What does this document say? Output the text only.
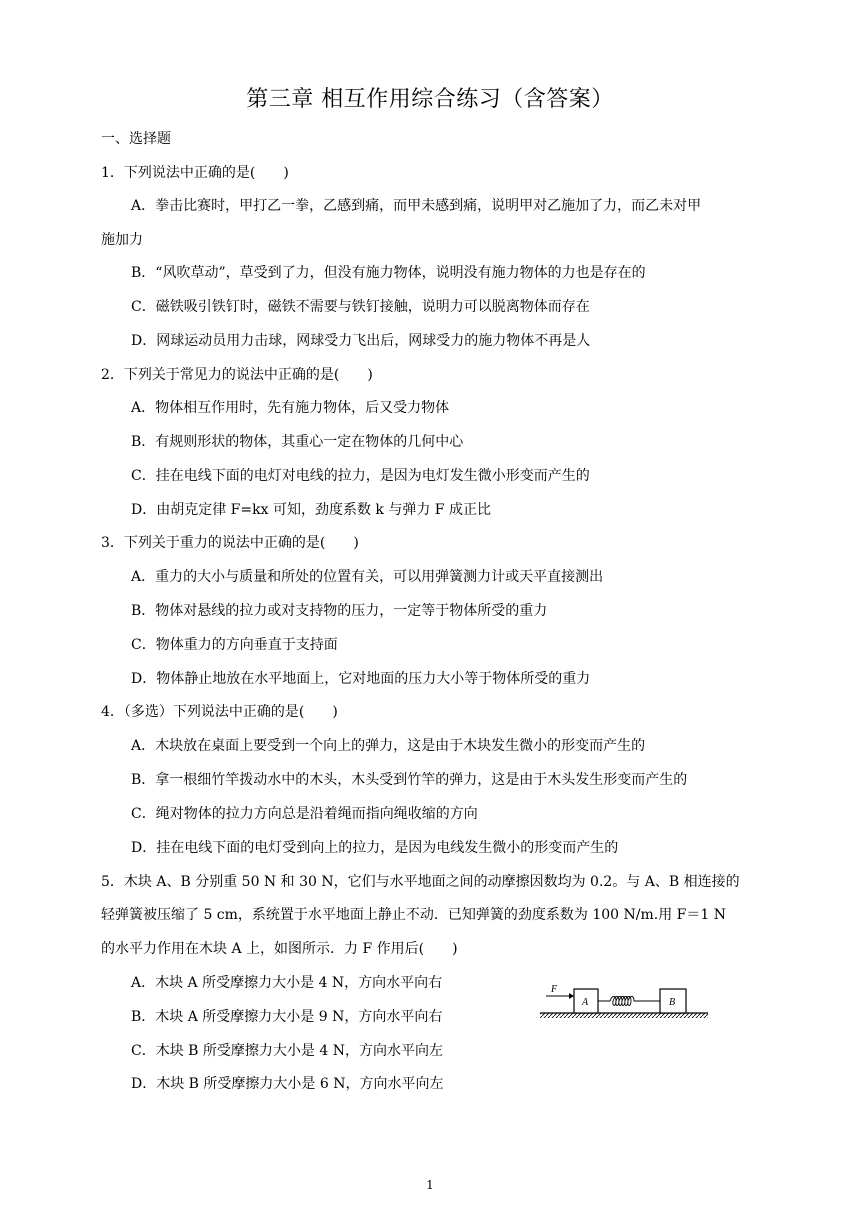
第三章 相互作用综合练习（含答案）
一、选择题
1．下列说法中正确的是(　　)
A．拳击比赛时，甲打乙一拳，乙感到痛，而甲未感到痛，说明甲对乙施加了力，而乙未对甲
施加力
B．“风吹草动”，草受到了力，但没有施力物体，说明没有施力物体的力也是存在的
C．磁铁吸引铁钉时，磁铁不需要与铁钉接触，说明力可以脱离物体而存在
D．网球运动员用力击球，网球受力飞出后，网球受力的施力物体不再是人
2．下列关于常见力的说法中正确的是(　　)
A．物体相互作用时，先有施力物体，后又受力物体
B．有规则形状的物体，其重心一定在物体的几何中心
C．挂在电线下面的电灯对电线的拉力，是因为电灯发生微小形变而产生的
D．由胡克定律 F=kx 可知，劲度系数 k 与弹力 F 成正比
3．下列关于重力的说法中正确的是(　　)
A．重力的大小与质量和所处的位置有关，可以用弹簧测力计或天平直接测出
B．物体对悬线的拉力或对支持物的压力，一定等于物体所受的重力
C．物体重力的方向垂直于支持面
D．物体静止地放在水平地面上，它对地面的压力大小等于物体所受的重力
4．（多选）下列说法中正确的是(　　)
A．木块放在桌面上要受到一个向上的弹力，这是由于木块发生微小的形变而产生的
B．拿一根细竹竿拨动水中的木头，木头受到竹竿的弹力，这是由于木头发生形变而产生的
C．绳对物体的拉力方向总是沿着绳而指向绳收缩的方向
D．挂在电线下面的电灯受到向上的拉力，是因为电线发生微小的形变而产生的
5．木块 A、B 分别重 50 N 和 30 N，它们与水平地面之间的动摩擦因数均为 0.2。与 A、B 相连接的
轻弹簧被压缩了 5 cm，系统置于水平地面上静止不动．已知弹簧的劲度系数为 100 N/m.用 F＝1 N
的水平力作用在木块 A 上，如图所示．力 F 作用后(　　)
A．木块 A 所受摩擦力大小是 4 N，方向水平向右
B．木块 A 所受摩擦力大小是 9 N，方向水平向右
C．木块 B 所受摩擦力大小是 4 N，方向水平向左
D．木块 B 所受摩擦力大小是 6 N，方向水平向左
F
A	B
1
